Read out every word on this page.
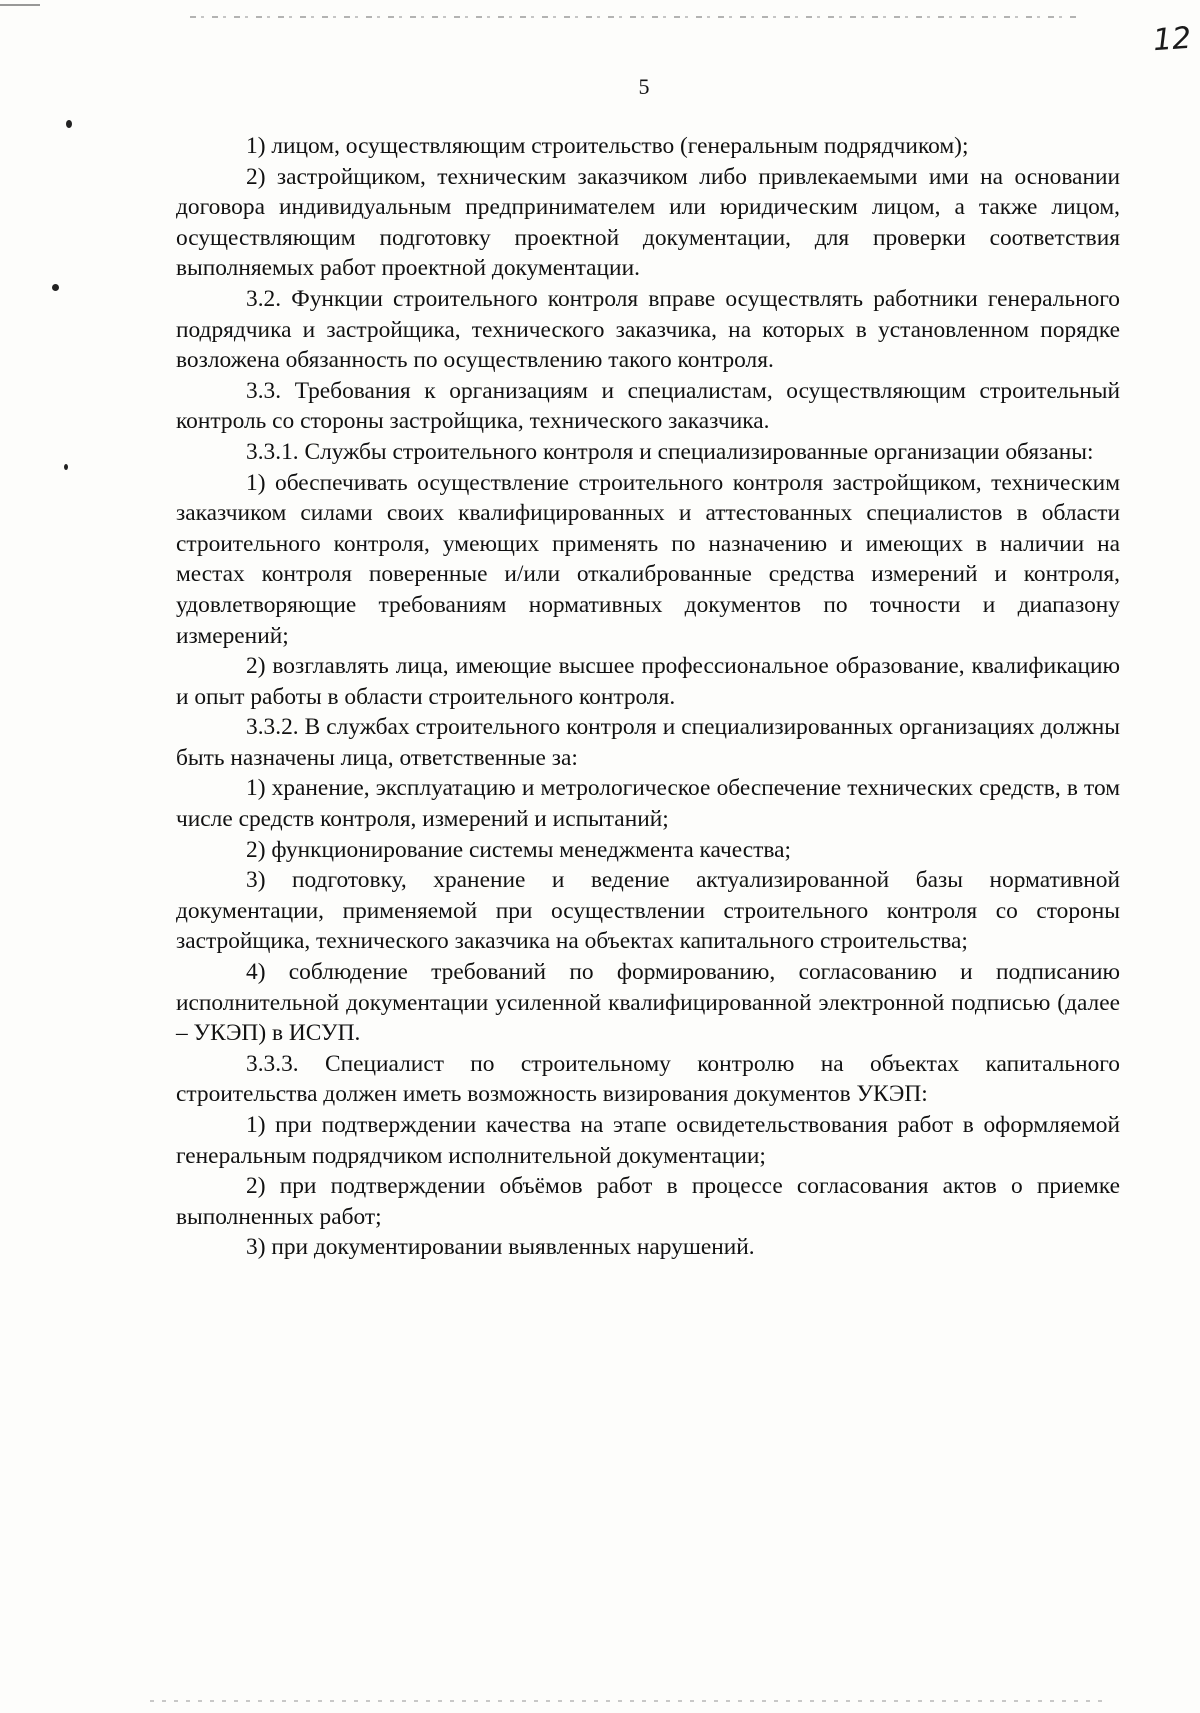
12
5

1) лицом, осуществляющим строительство (генеральным подрядчиком);

2) застройщиком, техническим заказчиком либо привлекаемыми ими на основании договора индивидуальным предпринимателем или юридическим лицом, а также лицом, осуществляющим подготовку проектной документации, для проверки соответствия выполняемых работ проектной документации.

3.2. Функции строительного контроля вправе осуществлять работники генерального подрядчика и застройщика, технического заказчика, на которых в установленном порядке возложена обязанность по осуществлению такого контроля.

3.3. Требования к организациям и специалистам, осуществляющим строительный контроль со стороны застройщика, технического заказчика.

3.3.1. Службы строительного контроля и специализированные организации обязаны:

1) обеспечивать осуществление строительного контроля застройщиком, техническим заказчиком силами своих квалифицированных и аттестованных специалистов в области строительного контроля, умеющих применять по назначению и имеющих в наличии на местах контроля поверенные и/или откалиброванные средства измерений и контроля, удовлетворяющие требованиям нормативных документов по точности и диапазону измерений;

2) возглавлять лица, имеющие высшее профессиональное образование, квалификацию и опыт работы в области строительного контроля.

3.3.2. В службах строительного контроля и специализированных организациях должны быть назначены лица, ответственные за:

1) хранение, эксплуатацию и метрологическое обеспечение технических средств, в том числе средств контроля, измерений и испытаний;

2) функционирование системы менеджмента качества;

3) подготовку, хранение и ведение актуализированной базы нормативной документации, применяемой при осуществлении строительного контроля со стороны застройщика, технического заказчика на объектах капитального строительства;

4) соблюдение требований по формированию, согласованию и подписанию исполнительной документации усиленной квалифицированной электронной подписью (далее – УКЭП) в ИСУП.

3.3.3. Специалист по строительному контролю на объектах капитального строительства должен иметь возможность визирования документов УКЭП:

1) при подтверждении качества на этапе освидетельствования работ в оформляемой генеральным подрядчиком исполнительной документации;

2) при подтверждении объёмов работ в процессе согласования актов о приемке выполненных работ;

3) при документировании выявленных нарушений.
